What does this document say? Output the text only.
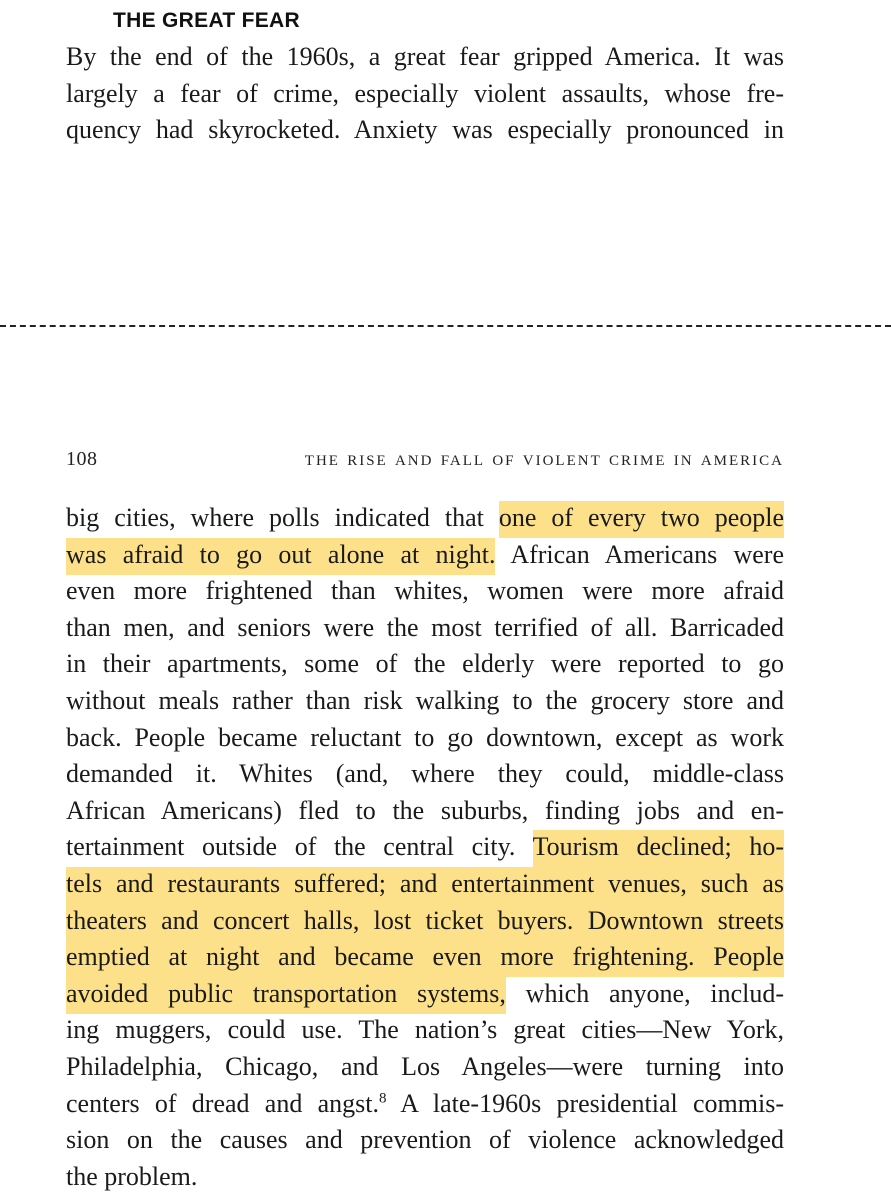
THE GREAT FEAR
By the end of the 1960s, a great fear gripped America. It was
largely a fear of crime, especially violent assaults, whose fre-
quency had skyrocketed. Anxiety was especially pronounced in
108	the rise and fall of violent crime in america
big cities, where polls indicated that one of every two people
was afraid to go out alone at night. African Americans were
even more frightened than whites, women were more afraid
than men, and seniors were the most terrified of all. Barricaded
in their apartments, some of the elderly were reported to go
without meals rather than risk walking to the grocery store and
back. People became reluctant to go downtown, except as work
demanded it. Whites (and, where they could, middle-class
African Americans) fled to the suburbs, finding jobs and en-
tertainment outside of the central city. Tourism declined; ho-
tels and restaurants suffered; and entertainment venues, such as
theaters and concert halls, lost ticket buyers. Downtown streets
emptied at night and became even more frightening. People
avoided public transportation systems, which anyone, includ-
ing muggers, could use. The nation’s great cities—New York,
Philadelphia, Chicago, and Los Angeles—were turning into
centers of dread and angst.$^8$ A late-1960s presidential commis-
sion on the causes and prevention of violence acknowledged
the problem.
